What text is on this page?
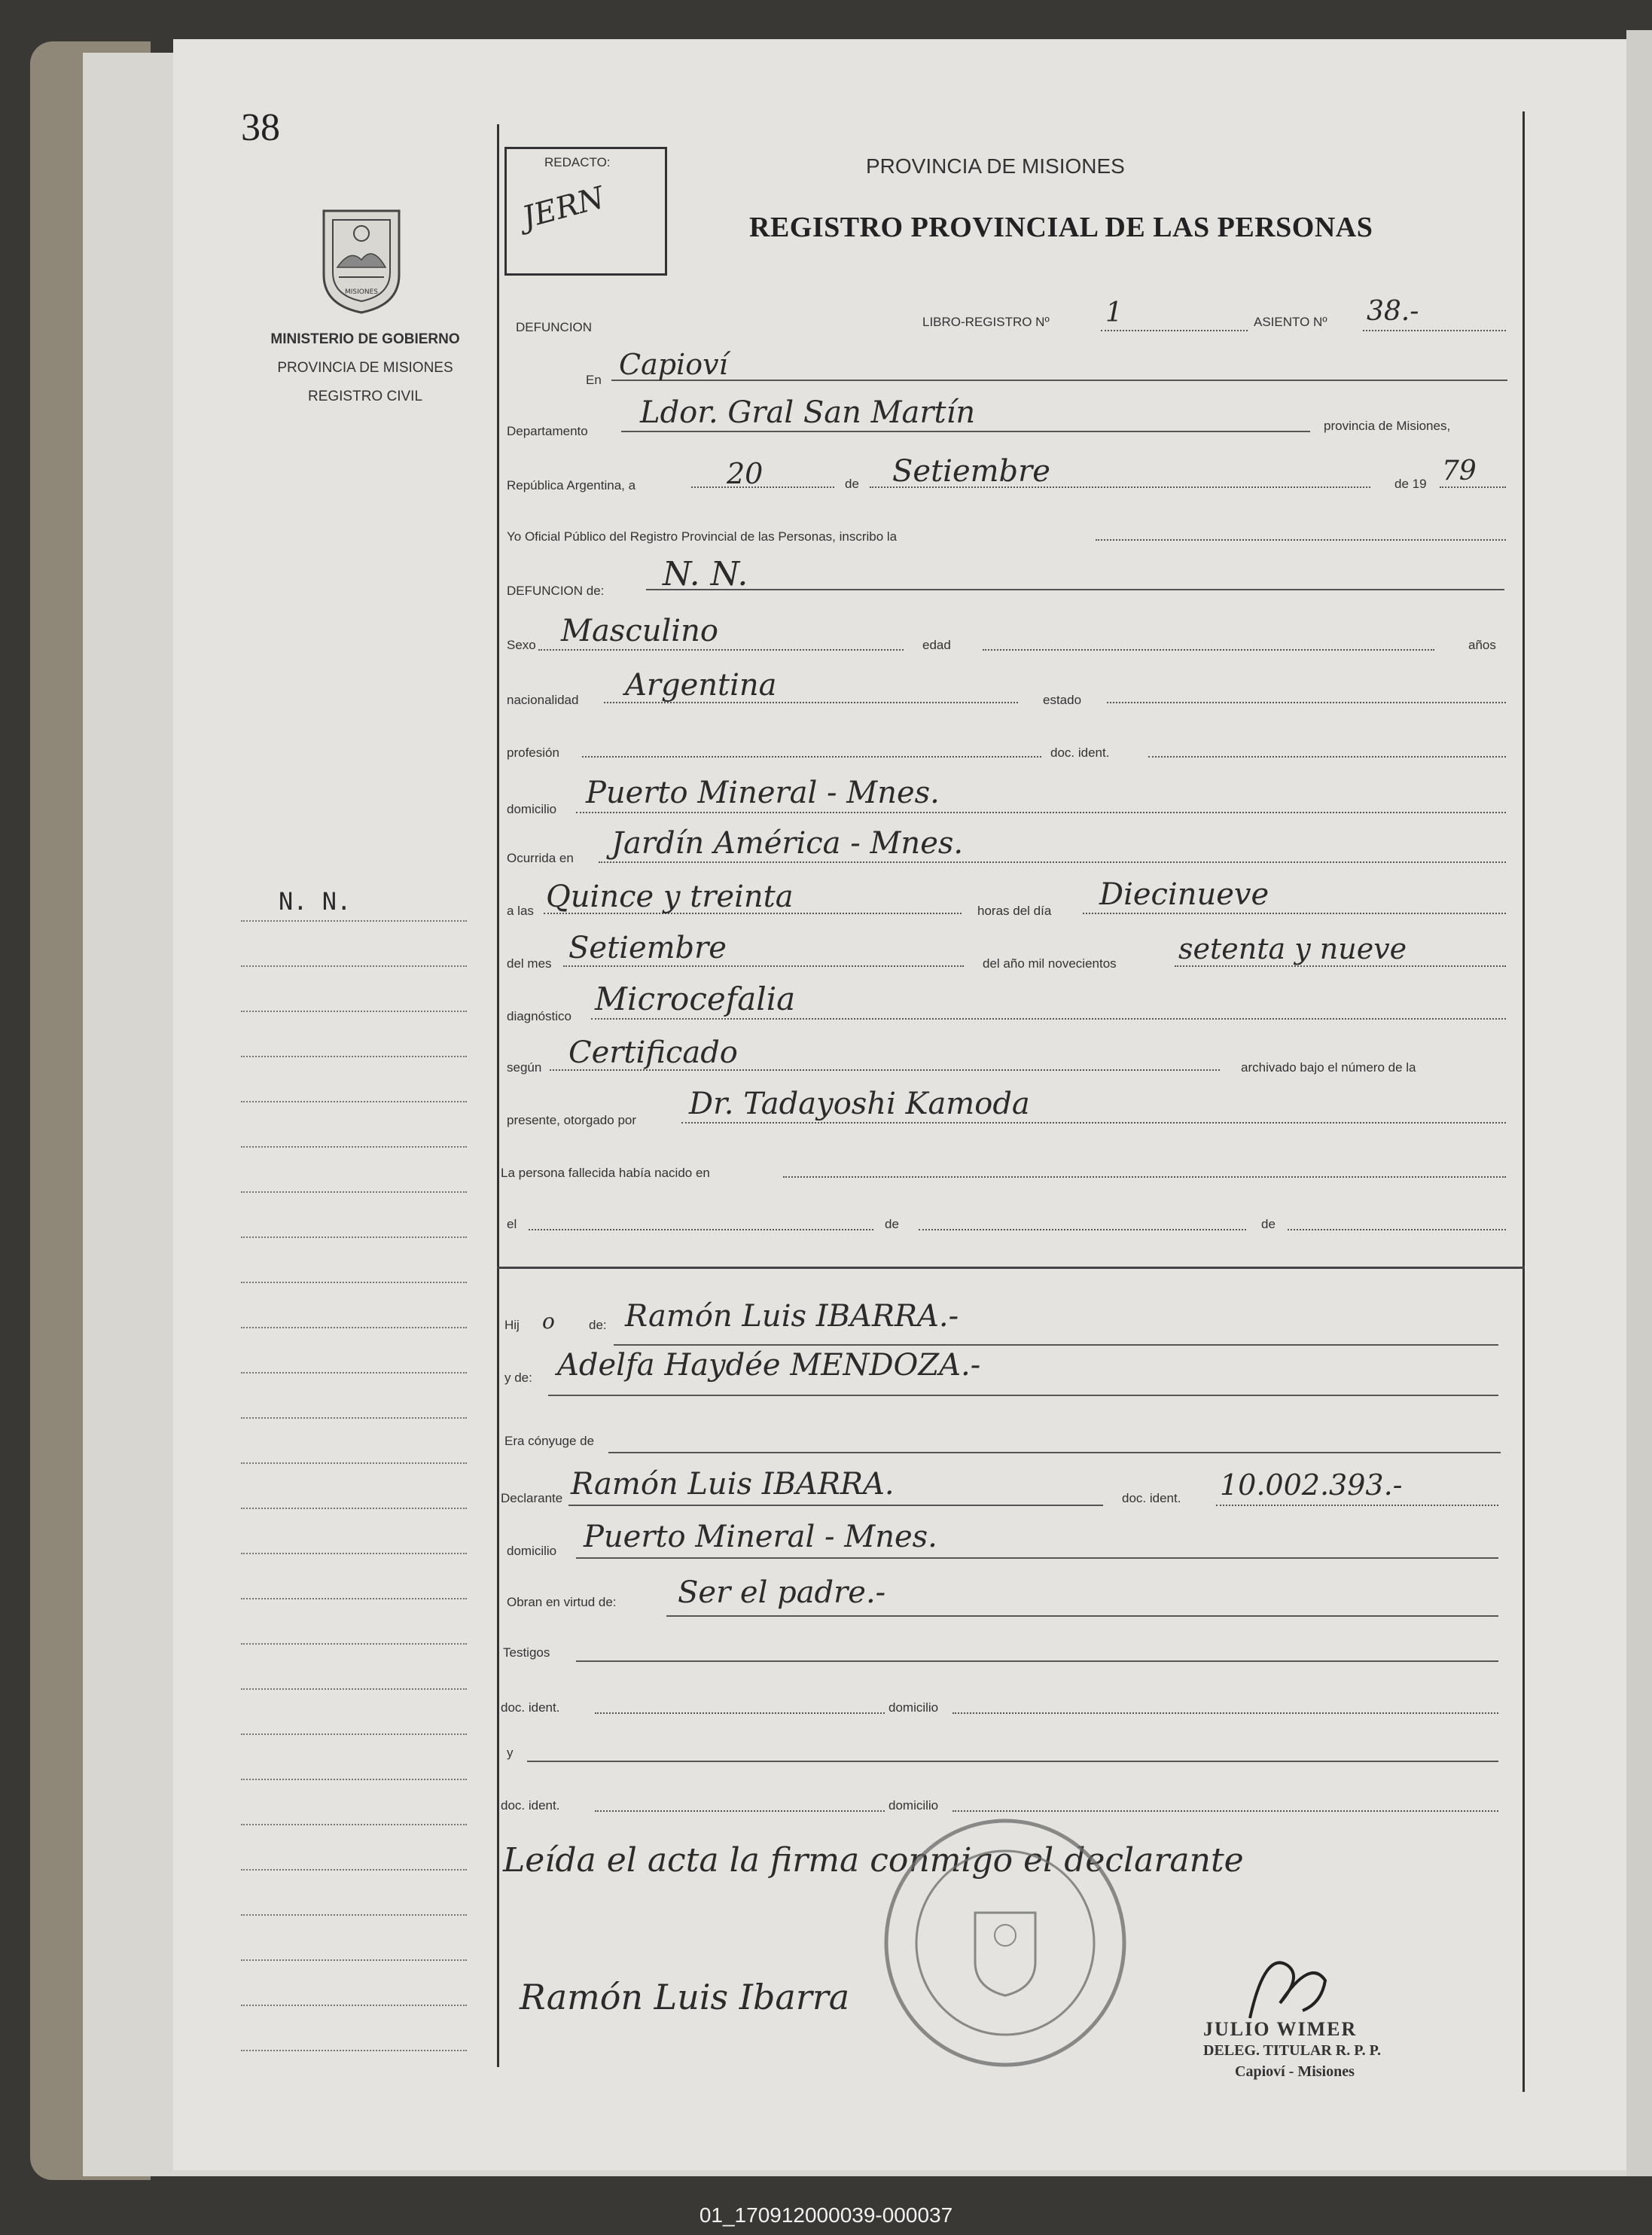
38
MISIONES
MINISTERIO DE GOBIERNO
PROVINCIA DE MISIONES
REGISTRO CIVIL
REDACTO:
JERN
PROVINCIA DE MISIONES
REGISTRO PROVINCIAL DE LAS PERSONAS
DEFUNCION	LIBRO-REGISTRO Nº 1	ASIENTO Nº 38.-
En Capioví
Departamento
Ldor. Gral San Martín	provincia de Misiones,
República Argentina, a	20	de Setiembre	de 19 79
Yo Oficial Público del Registro Provincial de las Personas, inscribo la
DEFUNCION de: N. N.
Sexo Masculino	edad	años
nacionalidad Argentina	estado
profesión	doc. ident.
domicilio Puerto Mineral - Mnes.
Ocurrida en Jardín América - Mnes.
a las Quince y treinta	horas del día Diecinueve
del mes Setiembre	del año mil novecientos setenta y nueve
diagnóstico Microcefalia
según Certificado	archivado bajo el número de la
presente, otorgado por Dr. Tadayoshi Kamoda
La persona fallecida había nacido en
el	de	de
Hij o	de: Ramón Luis IBARRA.-
y de: Adelfa Haydée MENDOZA.-
Era cónyuge de
Declarante Ramón Luis IBARRA.	doc. ident. 10.002.393.-
domicilio Puerto Mineral - Mnes.
Obran en virtud de: Ser el padre.-
Testigos
doc. ident.	domicilio
y
doc. ident.	domicilio
Leída el acta la firma conmigo el declarante
N. N.
Ramón Luis Ibarra
JULIO WIMER
DELEG. TITULAR R. P. P.
Capioví - Misiones
01_170912000039-000037
